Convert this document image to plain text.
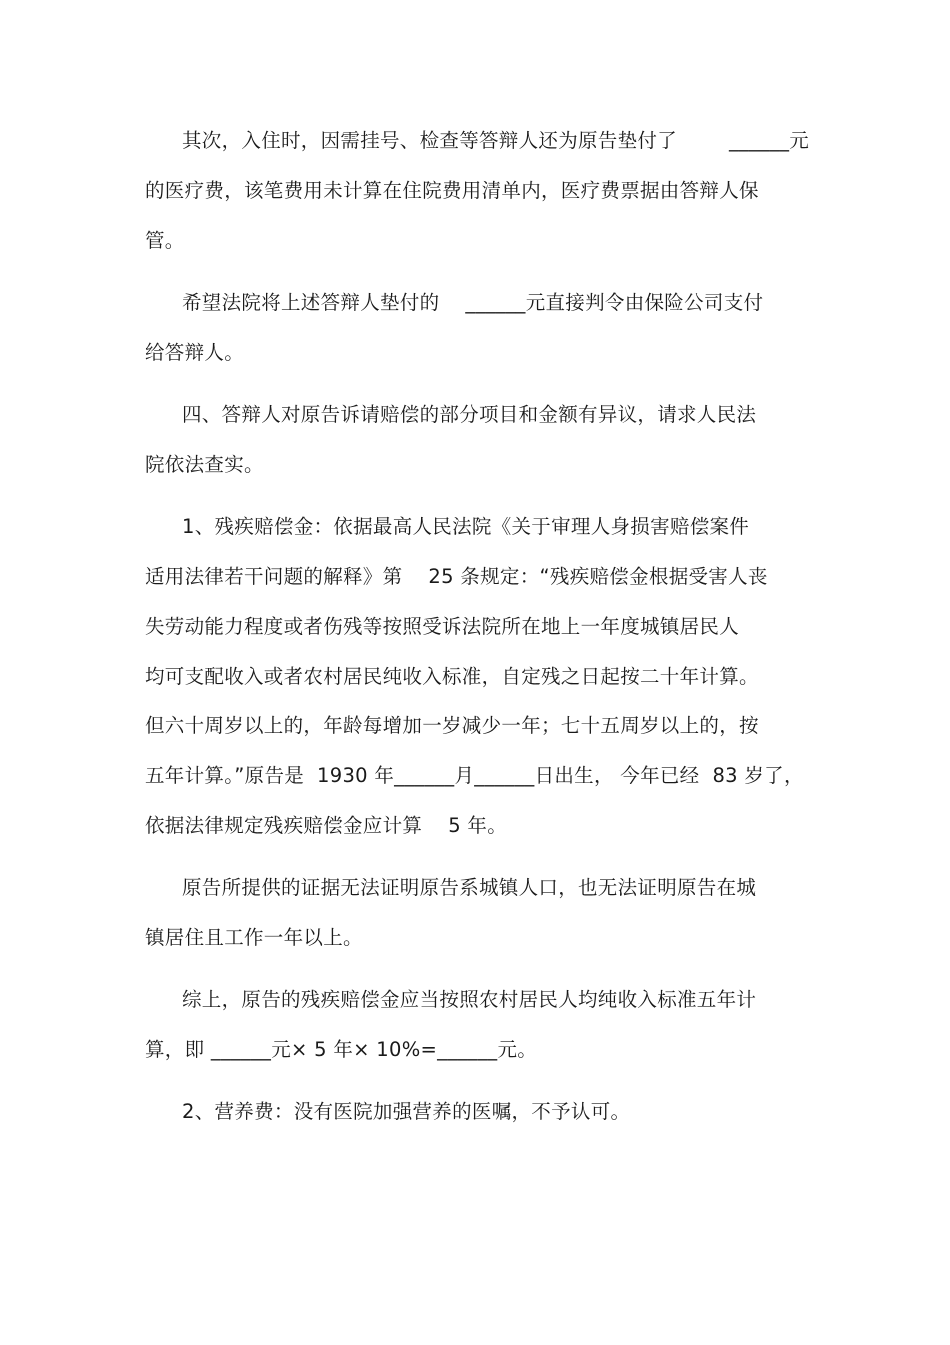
其次，入住时，因需挂号、检查等答辩人还为原告垫付了        ______元
的医疗费，该笔费用未计算在住院费用清单内，医疗费票据由答辩人保
管。
希望法院将上述答辩人垫付的    ______元直接判令由保险公司支付
给答辩人。
四、答辩人对原告诉请赔偿的部分项目和金额有异议，请求人民法
院依法查实。
1、残疾赔偿金：依据最高人民法院《关于审理人身损害赔偿案件
适用法律若干问题的解释》第    25 条规定：“残疾赔偿金根据受害人丧
失劳动能力程度或者伤残等按照受诉法院所在地上一年度城镇居民人
均可支配收入或者农村居民纯收入标准，自定残之日起按二十年计算。
但六十周岁以上的，年龄每增加一岁减少一年；七十五周岁以上的，按
五年计算。”原告是  1930 年______月______日出生， 今年已经  83 岁了，
依据法律规定残疾赔偿金应计算    5 年。
原告所提供的证据无法证明原告系城镇人口，也无法证明原告在城
镇居住且工作一年以上。
综上，原告的残疾赔偿金应当按照农村居民人均纯收入标准五年计
算，即 ______元× 5 年× 10%=______元。
2、营养费：没有医院加强营养的医嘱，不予认可。
